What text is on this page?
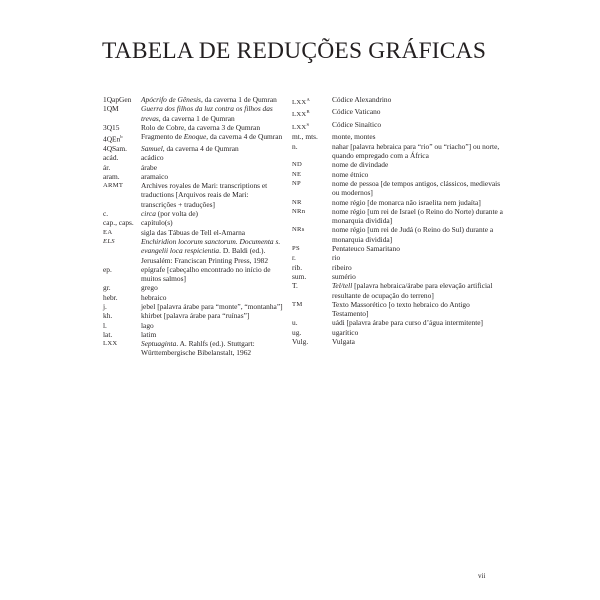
TABELA DE REDUÇÕES GRÁFICAS
1QapGen	Apócrifo de Gênesis, da caverna 1 de Qumran
1QM	Guerra dos filhos da luz contra os filhos das trevas, da caverna 1 de Qumran
3Q15	Rolo de Cobre, da caverna 3 de Qumran
4QEn$^b$	Fragmento de Enoque, da caverna 4 de Qumran
4QSam.	Samuel, da caverna 4 de Qumran
acád.	acádico
ár.	árabe
aram.	aramaico
ARMT	Archives royales de Mari: transcriptions et traductions [Arquivos reais de Mari: transcrições + traduções]
c.	circa (por volta de)
cap., caps. capítulo(s)
EA	sigla das Tábuas de Tell el-Amarna
ELS	Enchiridion locorum sanctorum. Documenta s. evangelii loca respicientia. D. Baldi (ed.). Jerusalém: Franciscan Printing Press, 1982
ep.	epígrafe [cabeçalho encontrado no início de muitos salmos]
gr.	grego
hebr.	hebraico
j.	jebel [palavra árabe para “monte”, “montanha”]
kh.	khirbet [palavra árabe para “ruínas”]
l.	lago
lat.	latim
LXX	Septuaginta. A. Rahlfs (ed.). Stuttgart: Württembergische Bibelanstalt, 1962
$LXX^A$	Códice Alexandrino
$LXX^B$	Códice Vaticano
$LXX^S$	Códice Sinaítico
mt., mts.	monte, montes
n.	nahar [palavra hebraica para “rio” ou “riacho”] ou norte, quando empregado com a África
ND	nome de divindade
NE	nome étnico
NP	nome de pessoa [de tempos antigos, clássicos, medievais ou modernos]
NR	nome régio [de monarca não israelita nem judaíta]
NRn	nome régio [um rei de Israel (o Reino do Norte) durante a monarquia dividida]
NRs	nome régio [um rei de Judá (o Reino do Sul) durante a monarquia dividida]
PS	Pentateuco Samaritano
r.	rio
rib.	ribeiro
sum.	sumério
T.	Tel/tell [palavra hebraica/árabe para elevação artificial resultante de ocupação do terreno]
TM	Texto Massorético [o texto hebraico do Antigo Testamento]
u.	uádi [palavra árabe para curso d’água intermitente]
ug.	ugarítico
Vulg.	Vulgata
vii
